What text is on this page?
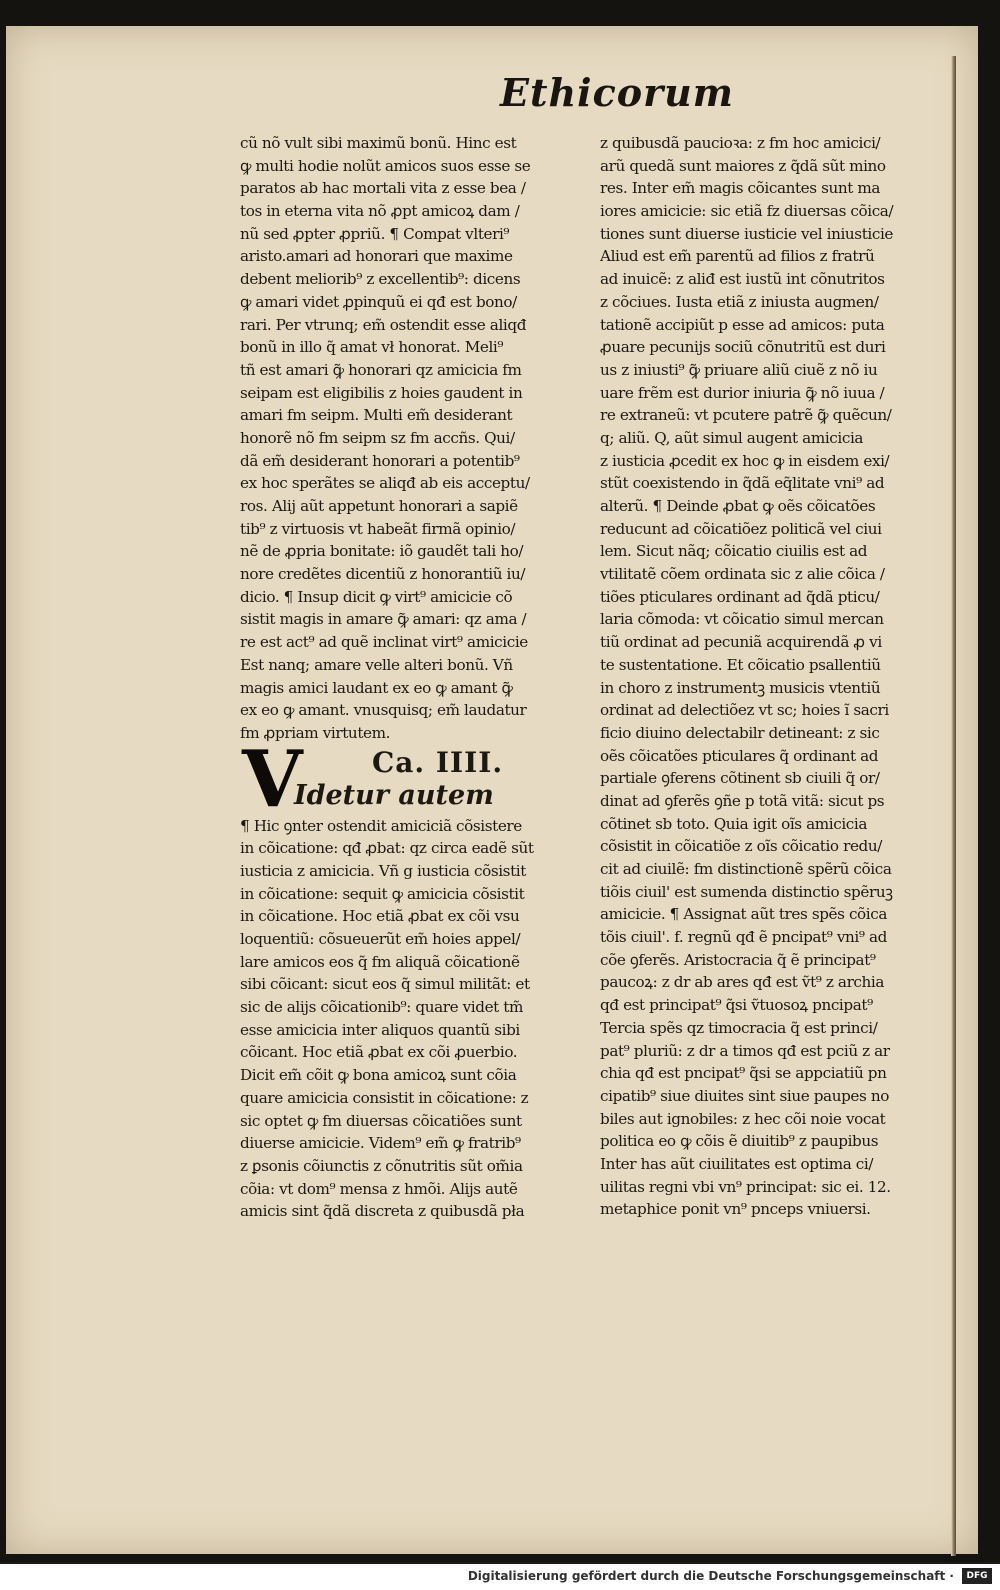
Ethicorum
cũ nõ vult sibi maximũ bonũ. Hinc est
ꝙ multi hodie nolũt amicos suos esse se
paratos ab hac mortali vita z esse bea /
tos in eterna vita nõ ꝓpt amicoꝝ dam /
nũ sed ꝓpter ꝓpriũ. ¶ Compat vlteri⁹
aristo.amari ad honorari que maxime
debent meliorib⁹ z excellentib⁹: dicens
ꝙ amari videt ꝓpinquũ ei qđ est bono/
rari. Per vtrunq; em̃ ostendit esse aliqđ
bonũ in illo q̃ amat vł honorat. Meli⁹
tñ est amari ꝙ̃ honorari qz amicicia fm
seipam est eligibilis z hoies gaudent in
amari fm seipm. Multi em̃ desiderant
honorẽ nõ fm seipm sz fm accñs. Qui/
dã em̃ desiderant honorari a potentib⁹
ex hoc sperãtes se aliqđ ab eis acceptu/
ros. Alij aũt appetunt honorari a sapiẽ
tib⁹ z virtuosis vt habeãt firmã opinio/
nẽ de ꝓpria bonitate: iõ gaudẽt tali ho/
nore credẽtes dicentiũ z honorantiũ iu/
dicio. ¶ Insup dicit ꝙ virt⁹ amicicie cõ
sistit magis in amare ꝙ̃ amari: qz ama /
re est act⁹ ad quẽ inclinat virt⁹ amicicie
Est nanq; amare velle alteri bonũ. Vñ
magis amici laudant ex eo ꝙ amant ꝙ̃
ex eo ꝙ amant. vnusquisq; em̃ laudatur
fm ꝓpriam virtutem.
V Ca. IIII.
Idetur autem
¶ Hic ꝯnter ostendit amiciciã cõsistere
in cõicatione: qđ ꝓbat: qz circa eadẽ sũt
iusticia z amicicia. Vñ g iusticia cõsistit
in cõicatione: sequit ꝙ amicicia cõsistit
in cõicatione. Hoc etiã ꝓbat ex cõi vsu
loquentiũ: cõsueuerũt em̃ hoies appel/
lare amicos eos q̃ fm aliquã cõicationẽ
sibi cõicant: sicut eos q̃ simul militãt: et
sic de alijs cõicationib⁹: quare videt tm̃
esse amicicia inter aliquos quantũ sibi
cõicant. Hoc etiã ꝓbat ex cõi ꝓuerbio.
Dicit em̃ cõit ꝙ bona amicoꝝ sunt cõia
quare amicicia consistit in cõicatione: z
sic optet ꝙ fm diuersas cõicatiões sunt
diuerse amicicie. Videm⁹ em̃ ꝙ fratrib⁹
z ꝑsonis cõiunctis z cõnutritis sũt om̃ia
cõia: vt dom⁹ mensa z hmõi. Alijs autẽ
amicis sint q̃dã discreta z quibusdã pła
z quibusdã paucioꝛa: z fm hoc amicici/
arũ quedã sunt maiores z q̃dã sũt mino
res. Inter em̃ magis cõicantes sunt ma
iores amicicie: sic etiã fz diuersas cõica/
tiones sunt diuerse iusticie vel iniusticie
Aliud est em̃ parentũ ad filios z fratrũ
ad inuicẽ: z aliđ est iustũ int cõnutritos
z cõciues. Iusta etiã z iniusta augmen/
tationẽ accipiũt p esse ad amicos: puta
ꝓuare pecunijs sociũ cõnutritũ est duri
us z iniusti⁹ ꝙ̃ priuare aliũ ciuẽ z nõ iu
uare frẽm est durior iniuria ꝙ̃ nõ iuua /
re extraneũ: vt pcutere patrẽ ꝙ̃ quẽcun/
q; aliũ. Q, aũt simul augent amicicia
z iusticia ꝓcedit ex hoc ꝙ in eisdem exi/
stũt coexistendo in q̃dã eq̃litate vni⁹ ad
alterũ. ¶ Deinde ꝓbat ꝙ oẽs cõicatões
reducunt ad cõicatiõez politicã vel ciui
lem. Sicut nãq; cõicatio ciuilis est ad
vtilitatẽ cõem ordinata sic z alie cõica /
tiões pticulares ordinant ad q̃dã pticu/
laria cõmoda: vt cõicatio simul mercan
tiũ ordinat ad pecuniã acquirendã ꝓ vi
te sustentatione. Et cõicatio psallentiũ
in choro z instrumentꝫ musicis vtentiũ
ordinat ad delectiõez vt sc; hoies ĩ sacri
ficio diuino delectabilr detineant: z sic
oẽs cõicatões pticulares q̃ ordinant ad
partiale ꝯferens cõtinent sb ciuili q̃ or/
dinat ad ꝯferẽs ꝯñe p totã vitã: sicut ps
cõtinet sb toto. Quia igit oĩs amicicia
cõsistit in cõicatiõe z oĩs cõicatio redu/
cit ad ciuilẽ: fm distinctionẽ spẽrũ cõica
tiõis ciuil' est sumenda distinctio spẽruꝫ
amicicie. ¶ Assignat aũt tres spẽs cõica
tõis ciuil'. f. regnũ qđ ẽ pncipat⁹ vni⁹ ad
cõe ꝯferẽs. Aristocracia q̃ ẽ principat⁹
paucoꝝ: z dr ab ares qđ est ṽt⁹ z archia
qđ est principat⁹ q̃si ṽtuosoꝝ pncipat⁹
Tercia spẽs qz timocracia q̃ est princi/
pat⁹ pluriũ: z dr a timos qđ est pciũ z ar
chia qđ est pncipat⁹ q̃si se appciatiũ pn
cipatib⁹ siue diuites sint siue paupes no
biles aut ignobiles: z hec cõi noie vocat
politica eo ꝙ cõis ẽ diuitib⁹ z paupibus
Inter has aũt ciuilitates est optima ci/
uilitas regni vbi vn⁹ principat: sic ei. 12.
metaphice ponit vn⁹ pnceps vniuersi.
Digitalisierung gefördert durch die Deutsche Forschungsgemeinschaft ·	DFG
